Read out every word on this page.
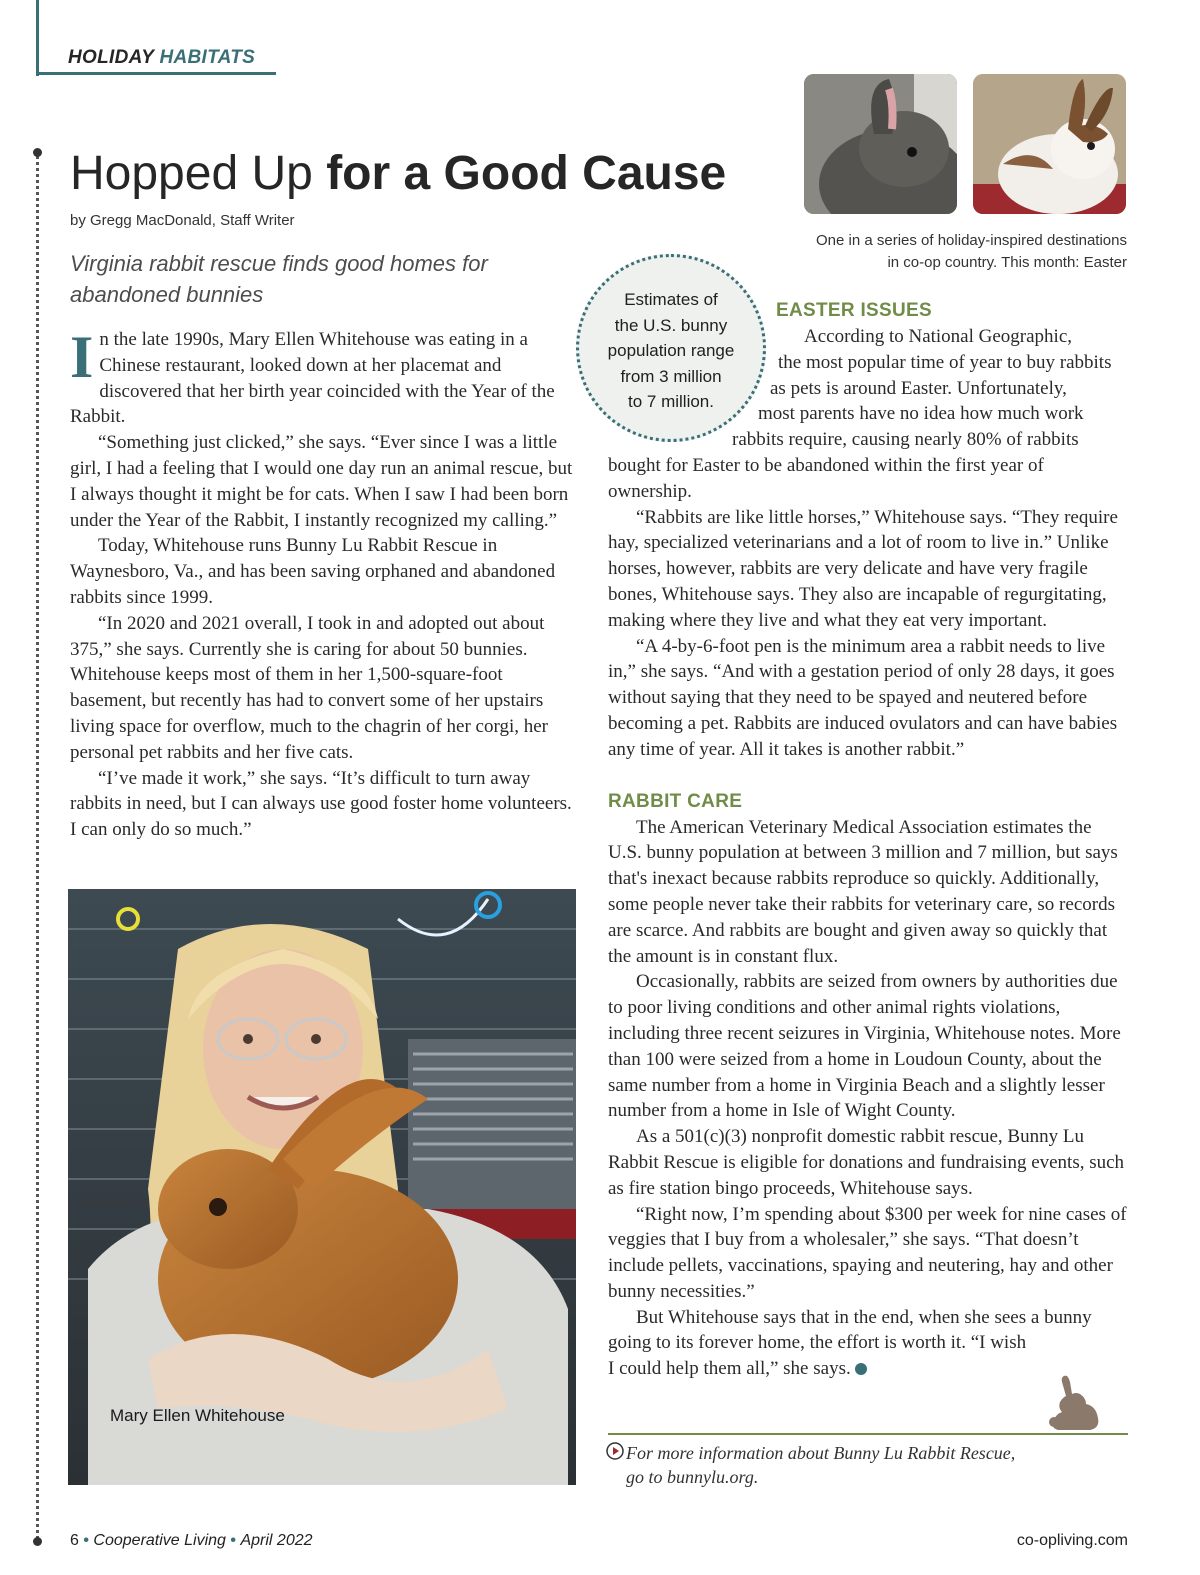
HOLIDAY HABITATS
Hopped Up for a Good Cause
by Gregg MacDonald, Staff Writer
Virginia rabbit rescue finds good homes for abandoned bunnies

In the late 1990s, Mary Ellen Whitehouse was eating in a Chinese restaurant, looked down at her placemat and discovered that her birth year coincided with the Year of the Rabbit.

“Something just clicked,” she says. “Ever since I was a little girl, I had a feeling that I would one day run an animal rescue, but I always thought it might be for cats. When I saw I had been born under the Year of the Rabbit, I instantly recognized my calling.”

Today, Whitehouse runs Bunny Lu Rabbit Rescue in Waynesboro, Va., and has been saving orphaned and abandoned rabbits since 1999.

“In 2020 and 2021 overall, I took in and adopted out about 375,” she says. Currently she is caring for about 50 bunnies. Whitehouse keeps most of them in her 1,500-square-foot basement, but recently has had to convert some of her upstairs living space for overflow, much to the chagrin of her corgi, her personal pet rabbits and her five cats.

“I’ve made it work,” she says. “It’s difficult to turn away rabbits in need, but I can always use good foster home volunteers. I can only do so much.”

Mary Ellen Whitehouse
One in a series of holiday-inspired destinations
in co-op country. This month: Easter
Estimates of
the U.S. bunny
population range
from 3 million
to 7 million.
EASTER ISSUES
According to National Geographic,
the most popular time of year to buy rabbits
as pets is around Easter. Unfortunately,
most parents have no idea how much work
rabbits require, causing nearly 80% of rabbits
bought for Easter to be abandoned within the first year of ownership.

“Rabbits are like little horses,” Whitehouse says. “They require hay, specialized veterinarians and a lot of room to live in.” Unlike horses, however, rabbits are very delicate and have very fragile bones, Whitehouse says. They also are incapable of regurgitating, making where they live and what they eat very important.

“A 4-by-6-foot pen is the minimum area a rabbit needs to live in,” she says. “And with a gestation period of only 28 days, it goes without saying that they need to be spayed and neutered before becoming a pet. Rabbits are induced ovulators and can have babies any time of year. All it takes is another rabbit.”

RABBIT CARE

The American Veterinary Medical Association estimates the U.S. bunny population at between 3 million and 7 million, but says that's inexact because rabbits reproduce so quickly. Additionally, some people never take their rabbits for veterinary care, so records are scarce. And rabbits are bought and given away so quickly that the amount is in constant flux.

Occasionally, rabbits are seized from owners by authorities due to poor living conditions and other animal rights violations, including three recent seizures in Virginia, Whitehouse notes. More than 100 were seized from a home in Loudoun County, about the same number from a home in Virginia Beach and a slightly lesser number from a home in Isle of Wight County.

As a 501(c)(3) nonprofit domestic rabbit rescue, Bunny Lu Rabbit Rescue is eligible for donations and fundraising events, such as fire station bingo proceeds, Whitehouse says.

“Right now, I’m spending about $300 per week for nine cases of veggies that I buy from a wholesaler,” she says. “That doesn’t include pellets, vaccinations, spaying and neutering, hay and other bunny necessities.”

But Whitehouse says that in the end, when she sees a bunny going to its forever home, the effort is worth it. “I wish
I could help them all,” she says.

For more information about Bunny Lu Rabbit Rescue,
go to bunnylu.org.
6 • Cooperative Living • April 2022	co-opliving.com
